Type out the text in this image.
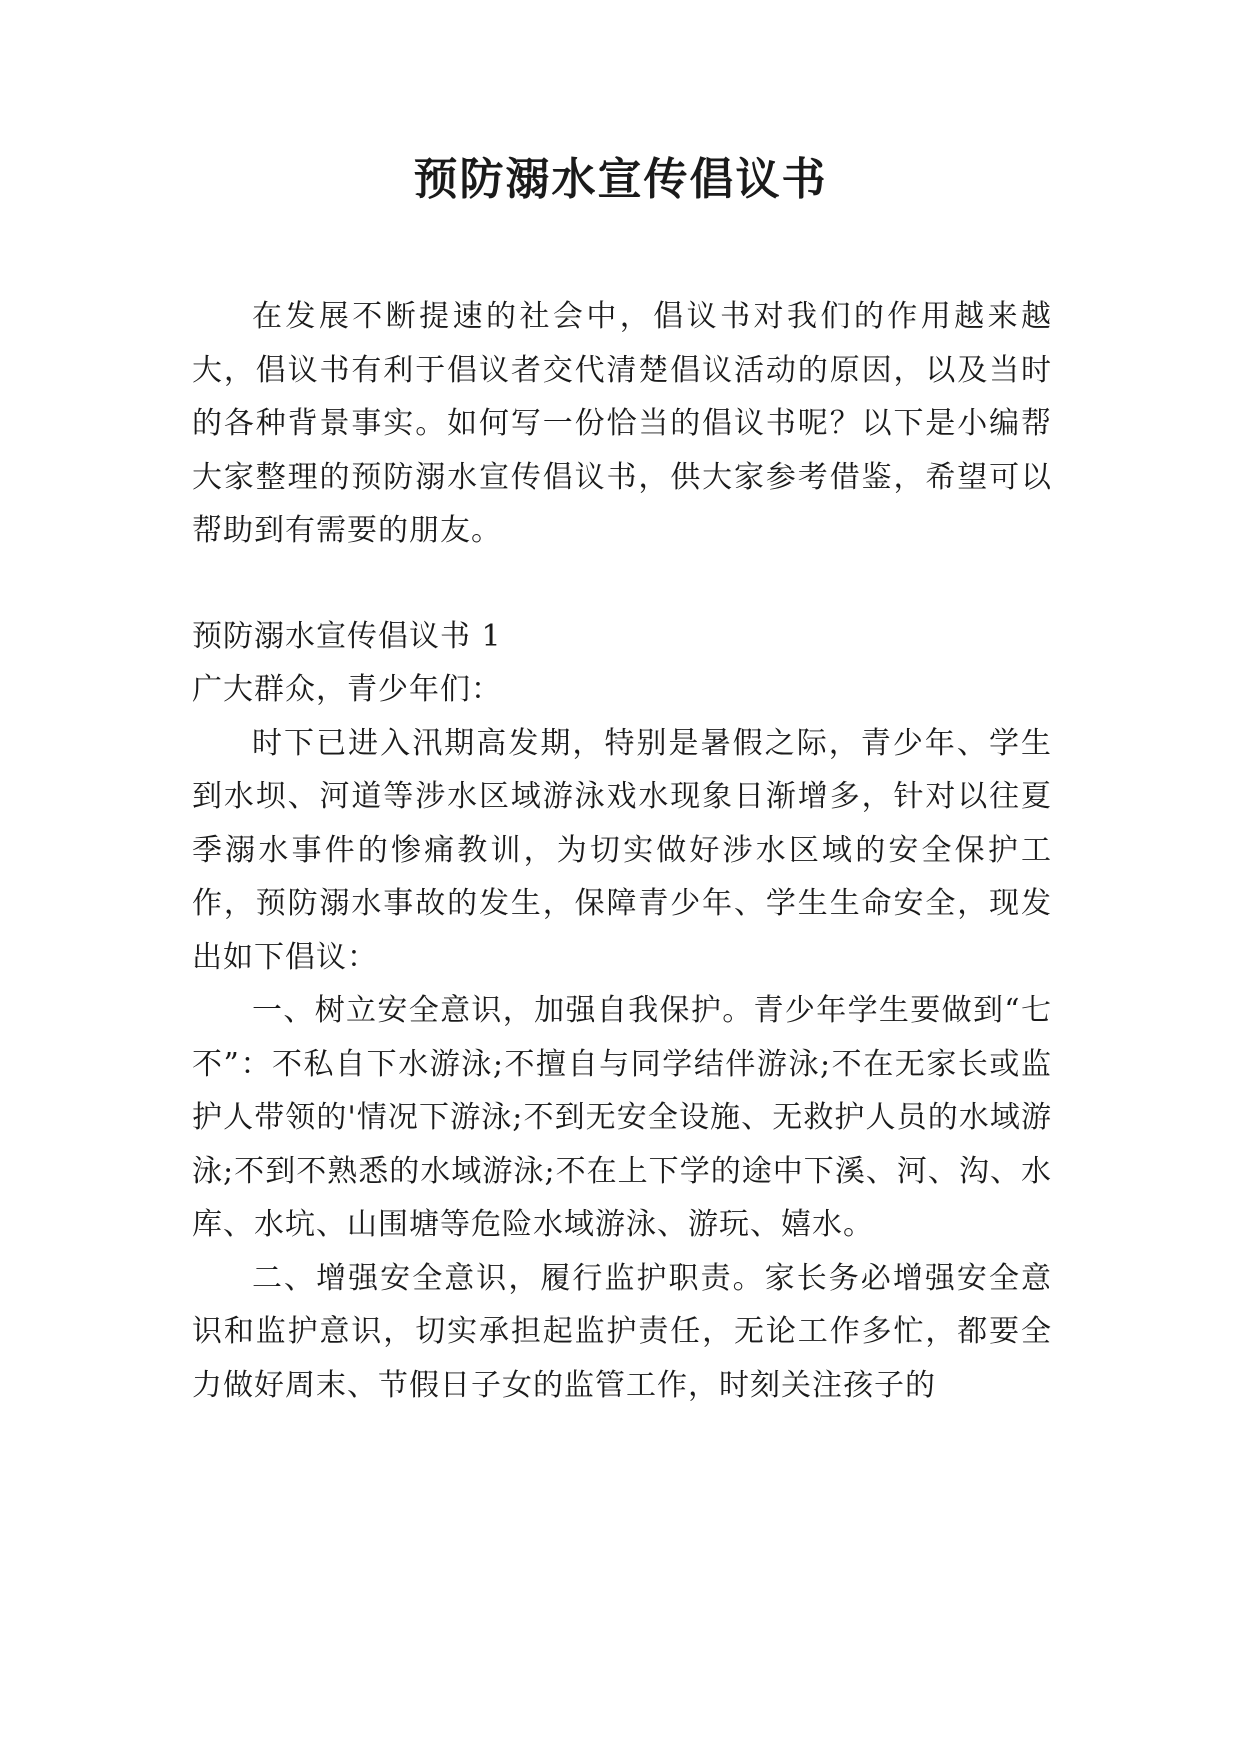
预防溺水宣传倡议书

在发展不断提速的社会中，倡议书对我们的作用越来越大，倡议书有利于倡议者交代清楚倡议活动的原因，以及当时的各种背景事实。如何写一份恰当的倡议书呢？以下是小编帮大家整理的预防溺水宣传倡议书，供大家参考借鉴，希望可以帮助到有需要的朋友。

预防溺水宣传倡议书 1

广大群众，青少年们：

时下已进入汛期高发期，特别是暑假之际，青少年、学生到水坝、河道等涉水区域游泳戏水现象日渐增多，针对以往夏季溺水事件的惨痛教训，为切实做好涉水区域的安全保护工作，预防溺水事故的发生，保障青少年、学生生命安全，现发出如下倡议：

一、树立安全意识，加强自我保护。青少年学生要做到“七不”：不私自下水游泳;不擅自与同学结伴游泳;不在无家长或监护人带领的'情况下游泳;不到无安全设施、无救护人员的水域游泳;不到不熟悉的水域游泳;不在上下学的途中下溪、河、沟、水库、水坑、山围塘等危险水域游泳、游玩、嬉水。

二、增强安全意识，履行监护职责。家长务必增强安全意识和监护意识，切实承担起监护责任，无论工作多忙，都要全力做好周末、节假日子女的监管工作，时刻关注孩子的
